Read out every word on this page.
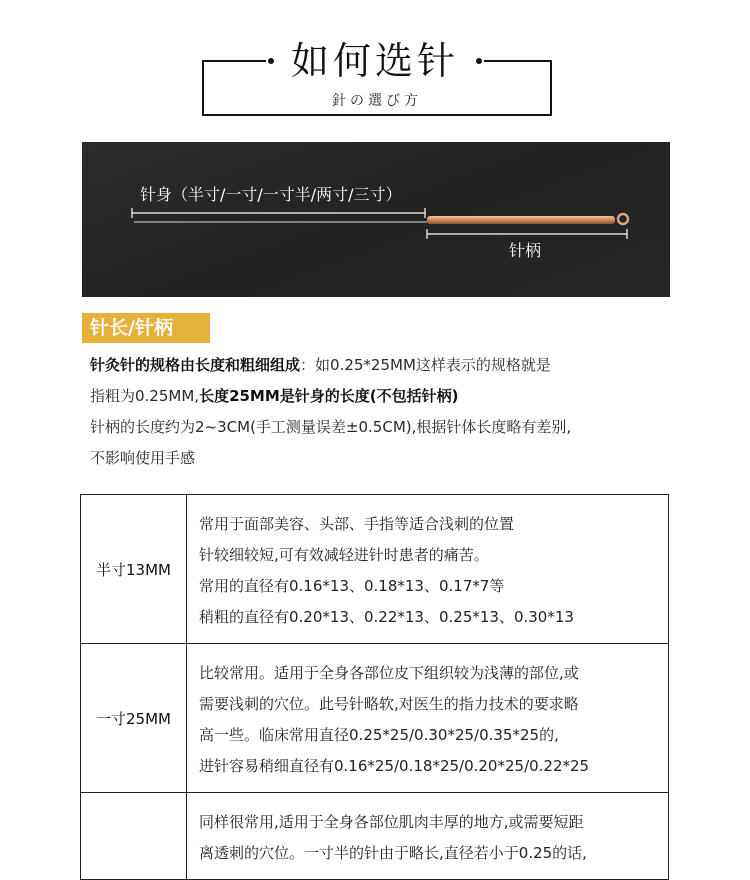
如何选针
針の選び方
针身（半寸/一寸/一寸半/两寸/三寸）
针柄
针长/针柄

针灸针的规格由长度和粗细组成：如0.25*25MM这样表示的规格就是

指粗为0.25MM,长度25MM是针身的长度(不包括针柄)

针柄的长度约为2~3CM(手工测量误差±0.5CM),根据针体长度略有差别,

不影响使用手感

半寸13MM	常用于面部美容、头部、手指等适合浅刺的位置
针较细较短,可有效减轻进针时患者的痛苦。
常用的直径有0.16*13、0.18*13、0.17*7等
稍粗的直径有0.20*13、0.22*13、0.25*13、0.30*13

一寸25MM	比较常用。适用于全身各部位皮下组织较为浅薄的部位,或
需要浅刺的穴位。此号针略软,对医生的指力技术的要求略
高一些。临床常用直径0.25*25/0.30*25/0.35*25的,
进针容易稍细直径有0.16*25/0.18*25/0.20*25/0.22*25

	同样很常用,适用于全身各部位肌肉丰厚的地方,或需要短距
离透刺的穴位。一寸半的针由于略长,直径若小于0.25的话,
